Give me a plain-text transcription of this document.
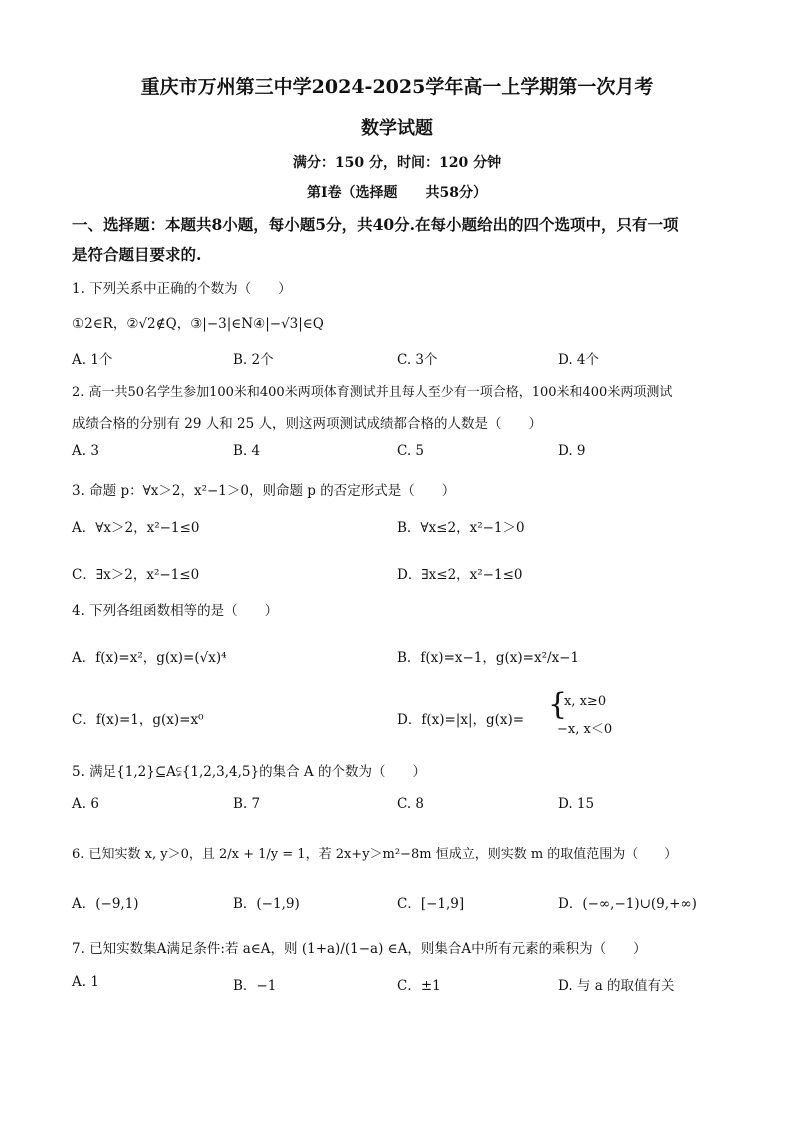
重庆市万州第三中学2024-2025学年高一上学期第一次月考
数学试题
满分：150 分，时间：120 分钟
第Ⅰ卷（选择题　　共58分）
一、选择题：本题共8小题，每小题5分，共40分.在每小题给出的四个选项中，只有一项
是符合题目要求的.
1. 下列关系中正确的个数为（　　）
①2∈R，②√2∉Q，③|−3|∈N④|−√3|∈Q
A. 1个	B. 2个	C. 3个	D. 4个
2. 高一共50名学生参加100米和400米两项体育测试并且每人至少有一项合格，100米和400米两项测试
成绩合格的分别有 29 人和 25 人，则这两项测试成绩都合格的人数是（　　）
A. 3	B. 4	C. 5	D. 9
3. 命题 p：∀x＞2，x²−1＞0，则命题 p 的否定形式是（　　）
A．∀x＞2，x²−1≤0	B．∀x≤2，x²−1＞0
C．∃x＞2，x²−1≤0	D．∃x≤2，x²−1≤0
4. 下列各组函数相等的是（　　）
A．f(x)=x²，g(x)=(√x)⁴	B．f(x)=x−1，g(x)=x²/x−1
C．f(x)=1，g(x)=x⁰	D．f(x)=|x|，g(x)= {
x, x≥0
−x, x＜0
5. 满足{1,2}⊆A⫋{1,2,3,4,5}的集合 A 的个数为（　　）
A. 6	B. 7	C. 8	D. 15
6. 已知实数 x, y＞0，且 2/x + 1/y = 1，若 2x+y＞m²−8m 恒成立，则实数 m 的取值范围为（　　）
A．(−9,1)	B．(−1,9)	C．[−1,9]	D．(−∞,−1)∪(9,+∞)
7. 已知实数集A满足条件:若 a∈A，则 (1+a)/(1−a) ∈A，则集合A中所有元素的乘积为（　　）
A. 1	B．−1	C．±1	D. 与 a 的取值有关
